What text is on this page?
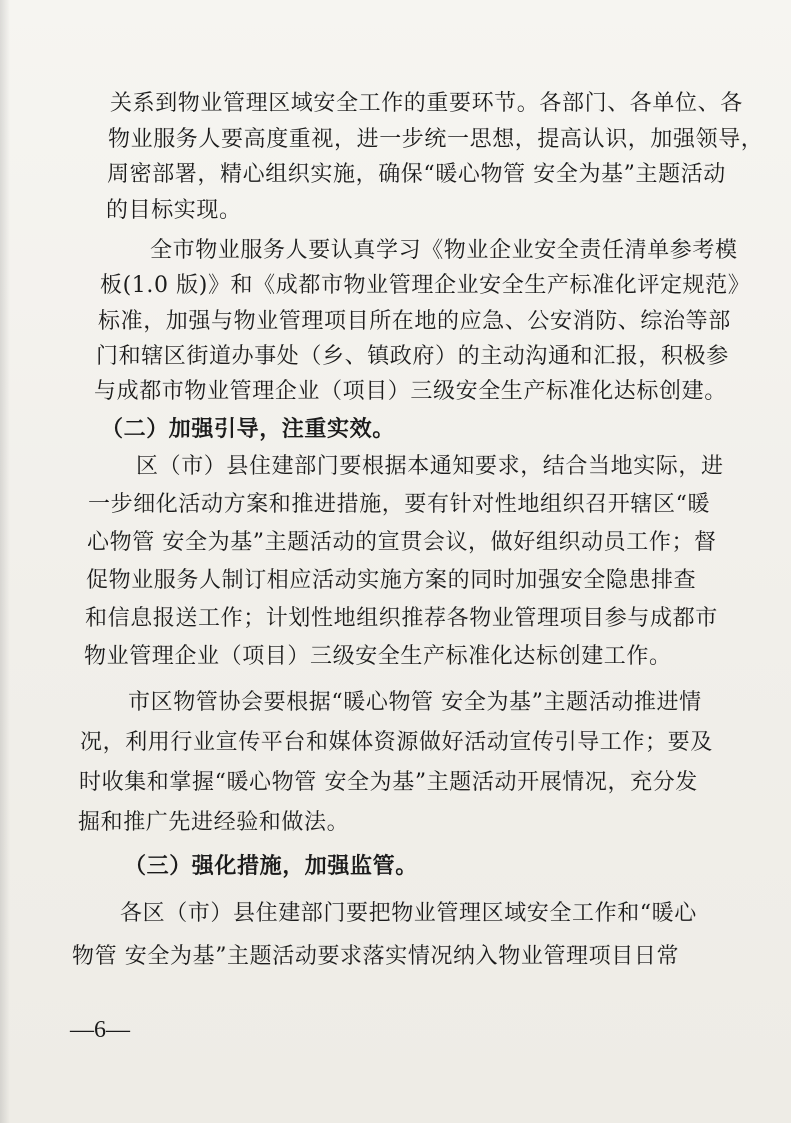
关系到物业管理区域安全工作的重要环节。各部门、各单位、各
物业服务人要高度重视，进一步统一思想，提高认识，加强领导，
周密部署，精心组织实施，确保“暖心物管 安全为基”主题活动
的目标实现。
全市物业服务人要认真学习《物业企业安全责任清单参考模
板(1.0 版)》和《成都市物业管理企业安全生产标准化评定规范》
标准，加强与物业管理项目所在地的应急、公安消防、综治等部
门和辖区街道办事处（乡、镇政府）的主动沟通和汇报，积极参
与成都市物业管理企业（项目）三级安全生产标准化达标创建。
（二）加强引导，注重实效。
区（市）县住建部门要根据本通知要求，结合当地实际，进
一步细化活动方案和推进措施，要有针对性地组织召开辖区“暖
心物管 安全为基”主题活动的宣贯会议，做好组织动员工作；督
促物业服务人制订相应活动实施方案的同时加强安全隐患排查
和信息报送工作；计划性地组织推荐各物业管理项目参与成都市
物业管理企业（项目）三级安全生产标准化达标创建工作。
市区物管协会要根据“暖心物管 安全为基”主题活动推进情
况，利用行业宣传平台和媒体资源做好活动宣传引导工作；要及
时收集和掌握“暖心物管 安全为基”主题活动开展情况，充分发
掘和推广先进经验和做法。
（三）强化措施，加强监管。
各区（市）县住建部门要把物业管理区域安全工作和“暖心
物管 安全为基”主题活动要求落实情况纳入物业管理项目日常
—6—
